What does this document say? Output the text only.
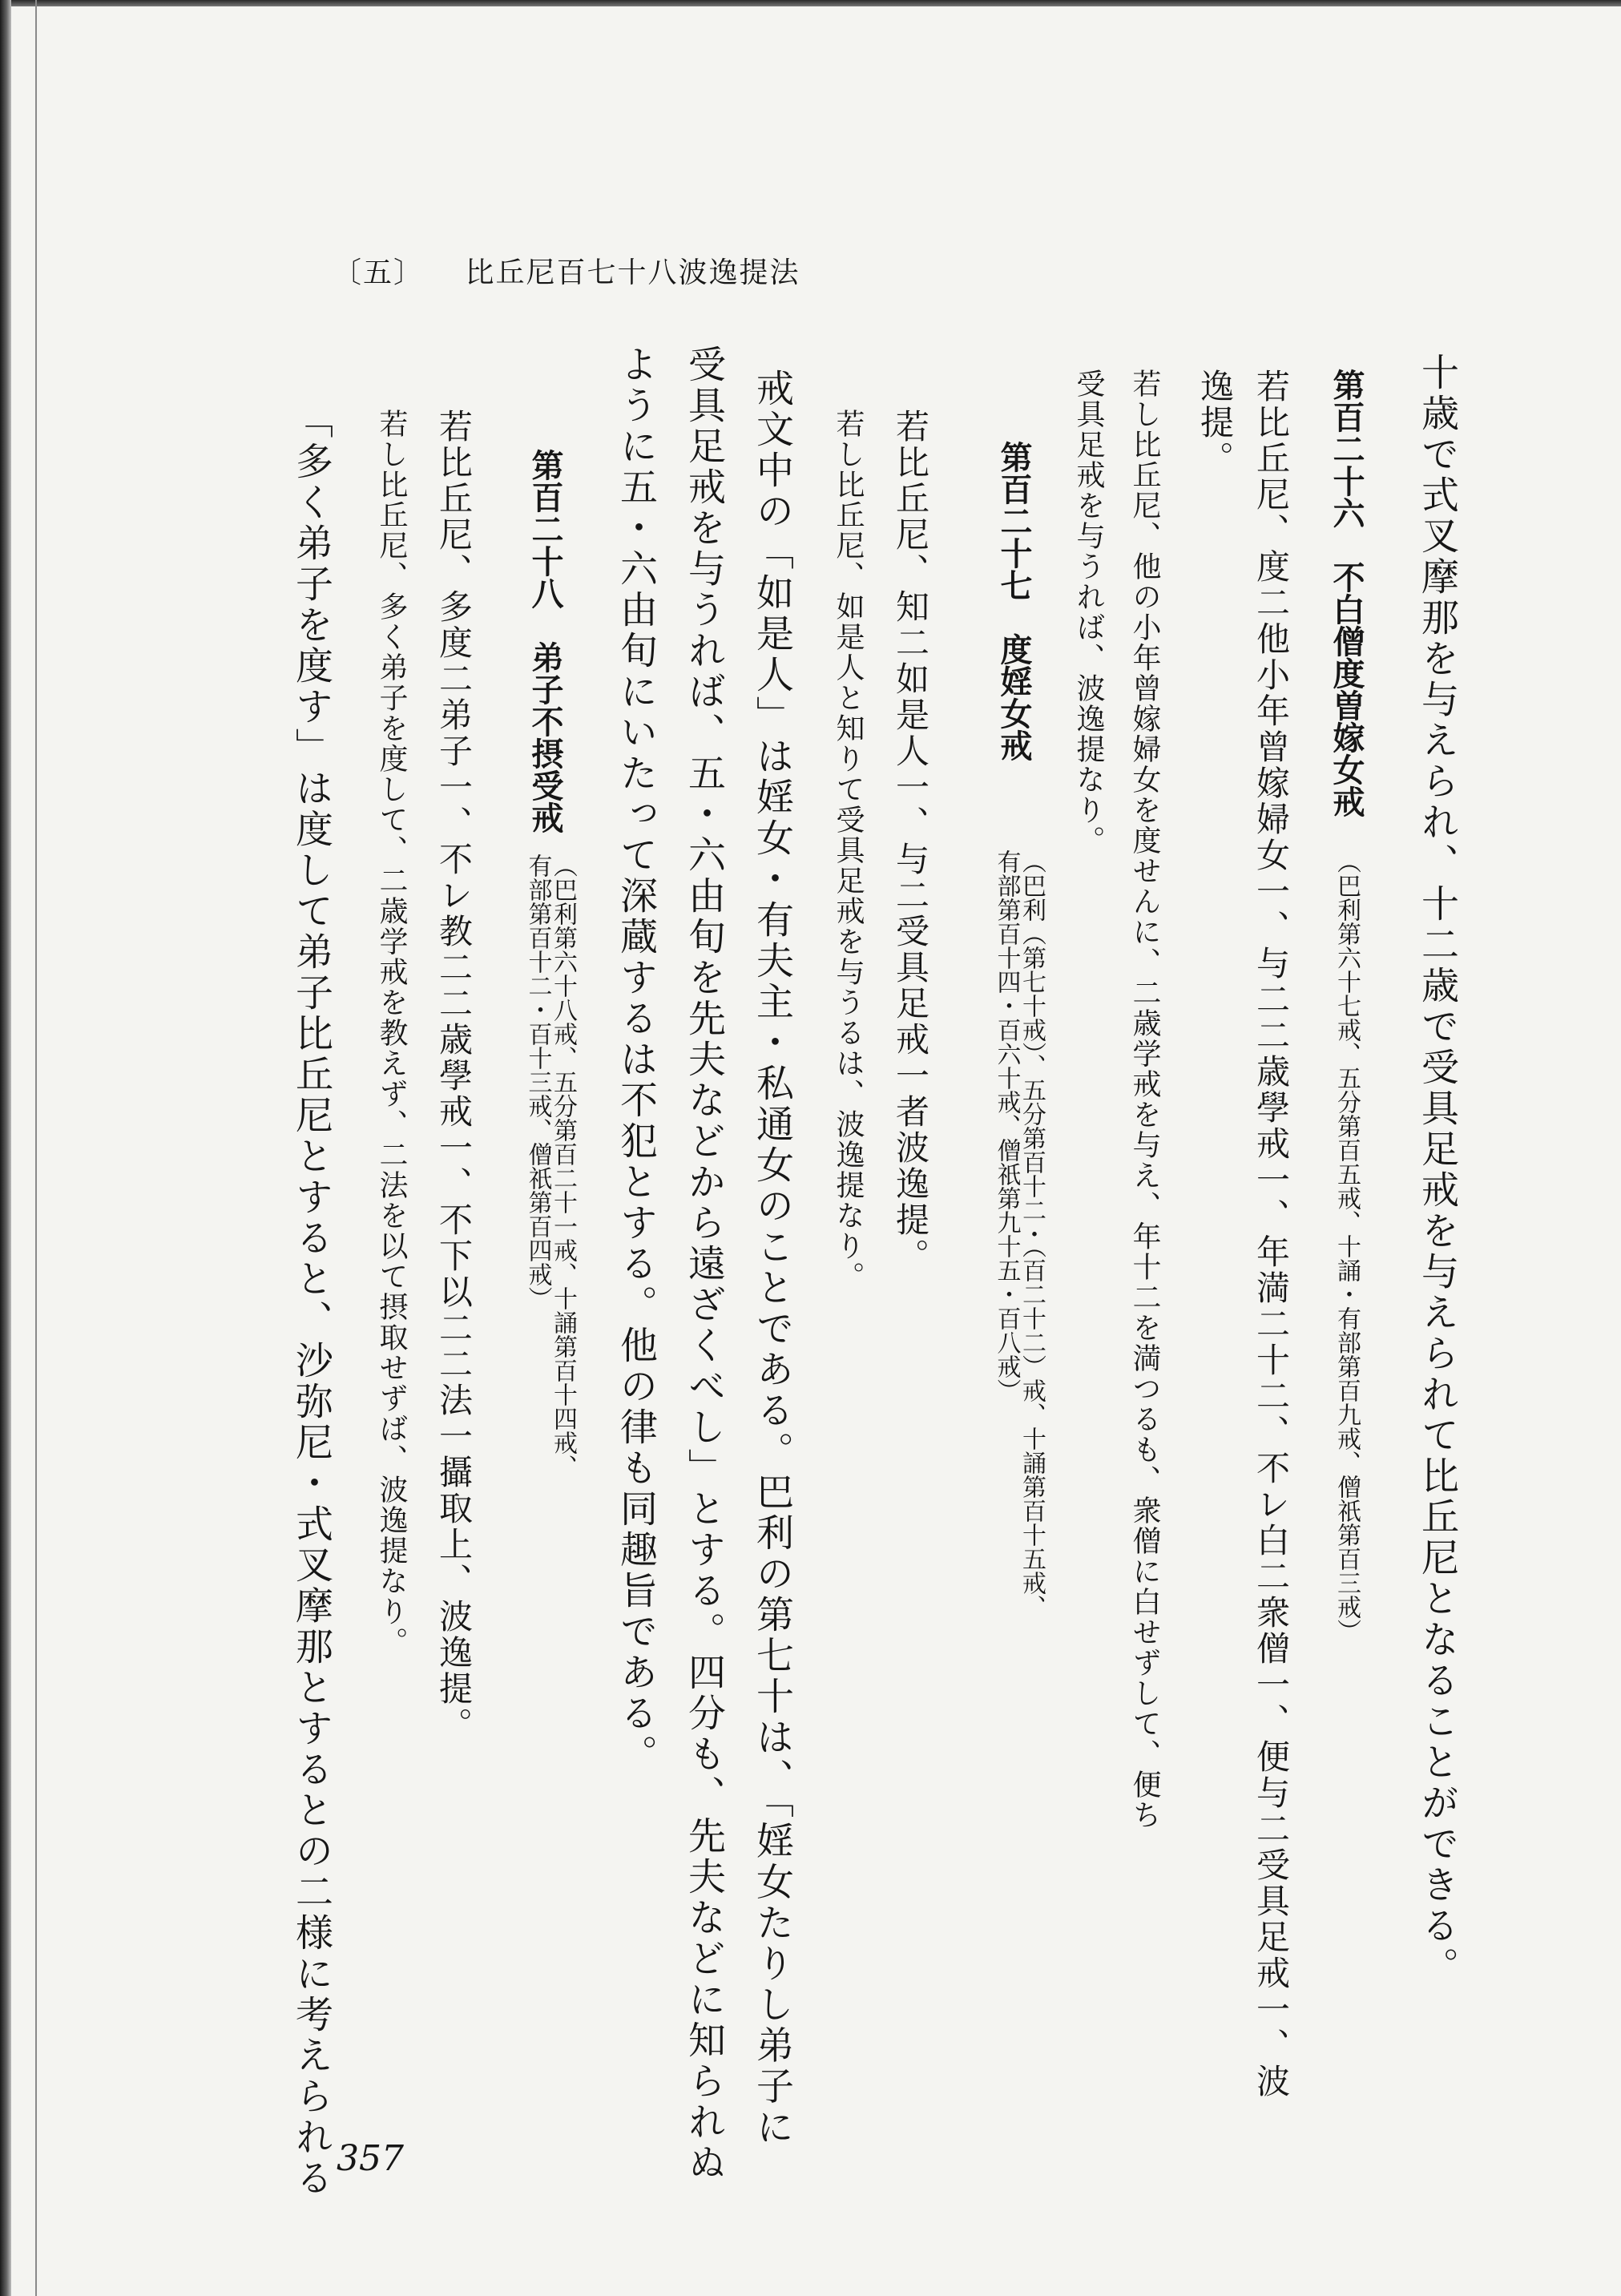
〔五〕 比丘尼百七十八波逸提法
十歳で式叉摩那を与えられ、十二歳で受具足戒を与えられて比丘尼となることができる。
第百二十六　不白僧度曽嫁女戒（巴利第六十七戒、五分第百五戒、十誦・有部第百九戒、僧祇第百三戒）
若比丘尼、度二他小年曾嫁婦女一、与二二歳學戒一、年満二十二、不レ白二衆僧一、便与二受具足戒一、波
逸提。
若し比丘尼、他の小年曾嫁婦女を度せんに、二歳学戒を与え、年十二を満つるも、衆僧に白せずして、便ち
受具足戒を与うれば、波逸提なり。
第百二十七　度婬女戒
（巴利（第七十戒）、五分第百十二・（百二十二）戒、十誦第百十五戒、
有部第百十四・百六十戒、僧祇第九十五・百八戒）
若比丘尼、知二如是人一、与二受具足戒一者波逸提。
若し比丘尼、如是人と知りて受具足戒を与うるは、波逸提なり。
戒文中の「如是人」は婬女・有夫主・私通女のことである。巴利の第七十は、「婬女たりし弟子に
受具足戒を与うれば、五・六由旬を先夫などから遠ざくべし」とする。四分も、先夫などに知られぬ
ように五・六由旬にいたって深蔵するは不犯とする。他の律も同趣旨である。
第百二十八　弟子不摂受戒
（巴利第六十八戒、五分第百二十一戒、十誦第百十四戒、
有部第百十二・百十三戒、僧祇第百四戒）
若比丘尼、多度二弟子一、不レ教二二歳學戒一、不下以二二法一攝取上、波逸提。
若し比丘尼、多く弟子を度して、二歳学戒を教えず、二法を以て摂取せずば、波逸提なり。
「多く弟子を度す」は度して弟子比丘尼とすると、沙弥尼・式叉摩那とするとの二様に考えられる 357
